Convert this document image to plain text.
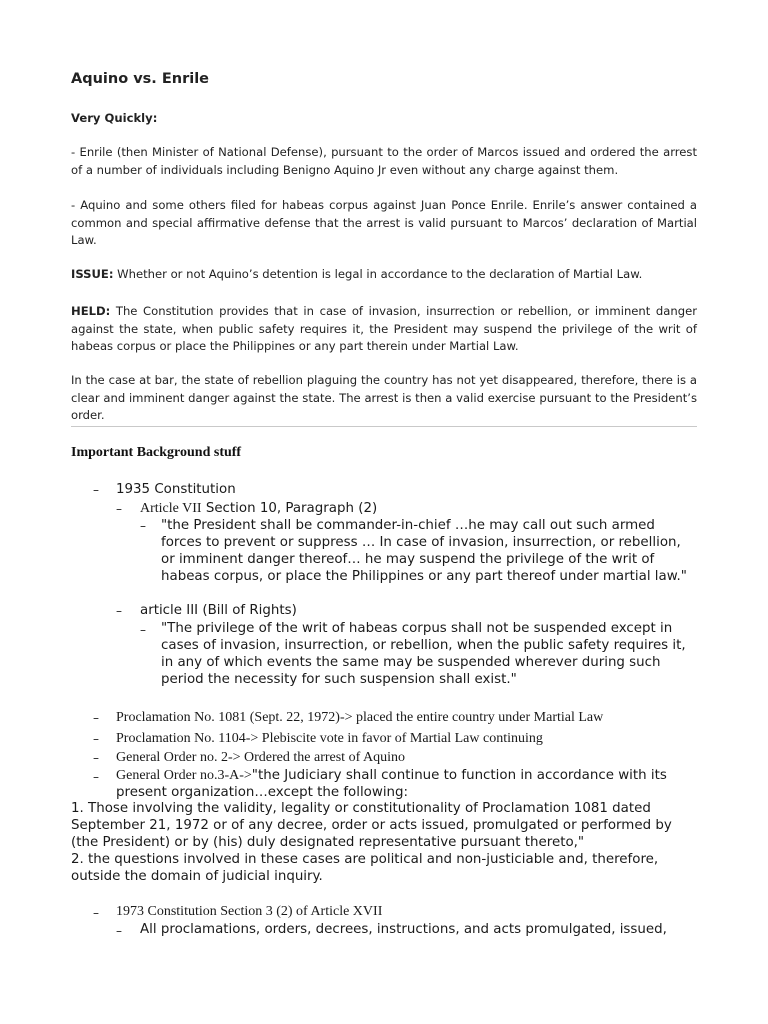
Aquino vs. Enrile

Very Quickly:

- Enrile (then Minister of National Defense), pursuant to the order of Marcos issued and ordered the arrest of a number of individuals including Benigno Aquino Jr even without any charge against them.

- Aquino and some others filed for habeas corpus against Juan Ponce Enrile. Enrile’s answer contained a common and special affirmative defense that the arrest is valid pursuant to Marcos’ declaration of Martial Law.

ISSUE: Whether or not Aquino’s detention is legal in accordance to the declaration of Martial Law.

HELD: The Constitution provides that in case of invasion, insurrection or rebellion, or imminent danger against the state, when public safety requires it, the President may suspend the privilege of the writ of habeas corpus or place the Philippines or any part therein under Martial Law.

In the case at bar, the state of rebellion plaguing the country has not yet disappeared, therefore, there is a clear and imminent danger against the state. The arrest is then a valid exercise pursuant to the President’s order.

Important Background stuff

– 1935 Constitution
– Article VII Section 10, Paragraph (2)
– "the President shall be commander-in-chief …he may call out such armed forces to prevent or suppress … In case of invasion, insurrection, or rebellion, or imminent danger thereof… he may suspend the privilege of the writ of habeas corpus, or place the Philippines or any part thereof under martial law."
– article III (Bill of Rights)
– "The privilege of the writ of habeas corpus shall not be suspended except in cases of invasion, insurrection, or rebellion, when the public safety requires it, in any of which events the same may be suspended wherever during such period the necessity for such suspension shall exist."
– Proclamation No. 1081 (Sept. 22, 1972)-> placed the entire country under Martial Law
– Proclamation No. 1104-> Plebiscite vote in favor of Martial Law continuing
– General Order no. 2-> Ordered the arrest of Aquino
– General Order no.3-A->"the Judiciary shall continue to function in accordance with its present organization…except the following:
1. Those involving the validity, legality or constitutionality of Proclamation 1081 dated September 21, 1972 or of any decree, order or acts issued, promulgated or performed by (the President) or by (his) duly designated representative pursuant thereto,"
2. the questions involved in these cases are political and non-justiciable and, therefore, outside the domain of judicial inquiry.
– 1973 Constitution Section 3 (2) of Article XVII
– All proclamations, orders, decrees, instructions, and acts promulgated, issued,
